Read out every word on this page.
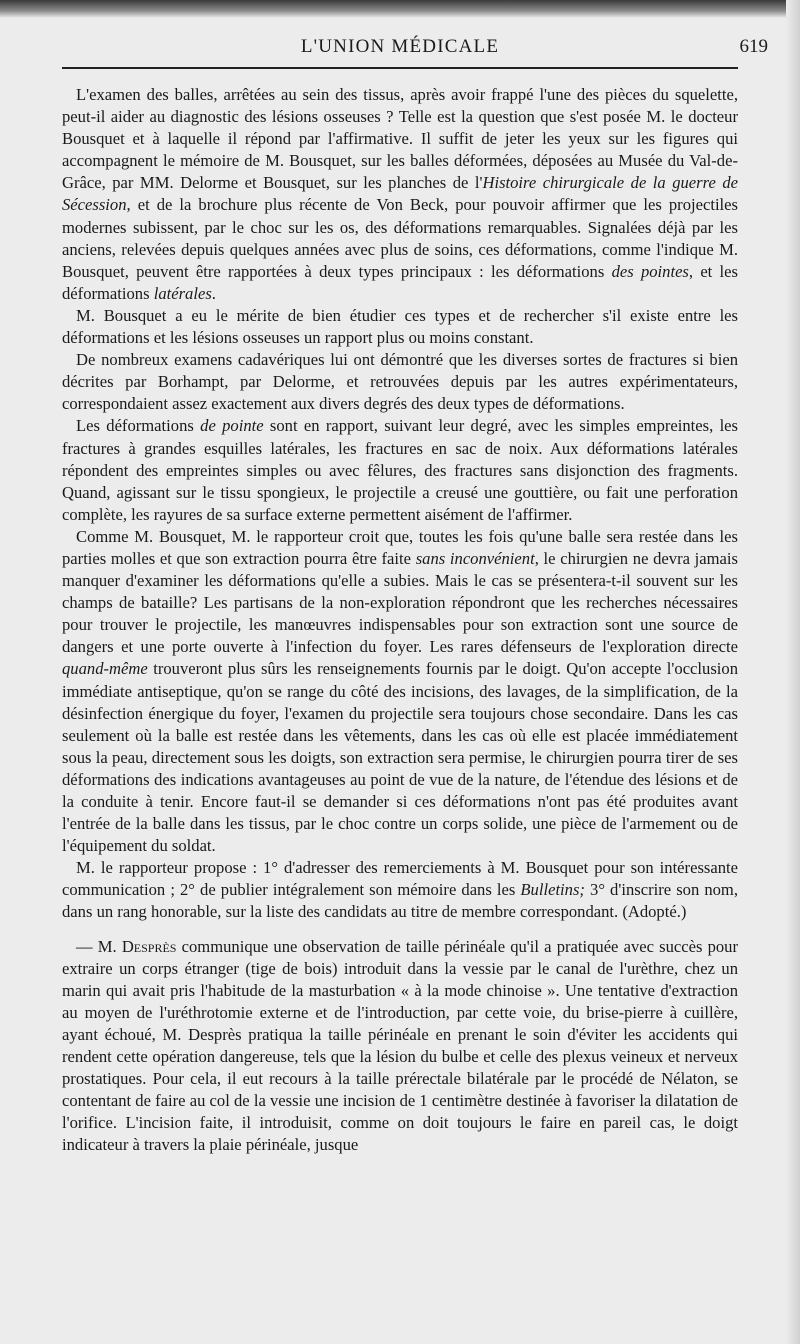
L'UNION MÉDICALE	619

L'examen des balles, arrêtées au sein des tissus, après avoir frappé l'une des pièces du squelette, peut-il aider au diagnostic des lésions osseuses ? Telle est la question que s'est posée M. le docteur Bousquet et à laquelle il répond par l'affirmative. Il suffit de jeter les yeux sur les figures qui accompagnent le mémoire de M. Bousquet, sur les balles déformées, déposées au Musée du Val-de-Grâce, par MM. Delorme et Bousquet, sur les planches de l'Histoire chirurgicale de la guerre de Sécession, et de la brochure plus récente de Von Beck, pour pouvoir affirmer que les projectiles modernes subissent, par le choc sur les os, des déformations remarquables. Signalées déjà par les anciens, relevées depuis quelques années avec plus de soins, ces déformations, comme l'indique M. Bousquet, peuvent être rapportées à deux types principaux : les déformations des pointes, et les déformations latérales.

M. Bousquet a eu le mérite de bien étudier ces types et de rechercher s'il existe entre les déformations et les lésions osseuses un rapport plus ou moins constant.

De nombreux examens cadavériques lui ont démontré que les diverses sortes de fractures si bien décrites par Borhampt, par Delorme, et retrouvées depuis par les autres expérimentateurs, correspondaient assez exactement aux divers degrés des deux types de déformations.

Les déformations de pointe sont en rapport, suivant leur degré, avec les simples empreintes, les fractures à grandes esquilles latérales, les fractures en sac de noix. Aux déformations latérales répondent des empreintes simples ou avec fêlures, des fractures sans disjonction des fragments. Quand, agissant sur le tissu spongieux, le projectile a creusé une gouttière, ou fait une perforation complète, les rayures de sa surface externe permettent aisément de l'affirmer.

Comme M. Bousquet, M. le rapporteur croit que, toutes les fois qu'une balle sera restée dans les parties molles et que son extraction pourra être faite sans inconvénient, le chirurgien ne devra jamais manquer d'examiner les déformations qu'elle a subies. Mais le cas se présentera-t-il souvent sur les champs de bataille? Les partisans de la non-exploration répondront que les recherches nécessaires pour trouver le projectile, les manœuvres indispensables pour son extraction sont une source de dangers et une porte ouverte à l'infection du foyer. Les rares défenseurs de l'exploration directe quand-même trouveront plus sûrs les renseignements fournis par le doigt. Qu'on accepte l'occlusion immédiate antiseptique, qu'on se range du côté des incisions, des lavages, de la simplification, de la désinfection énergique du foyer, l'examen du projectile sera toujours chose secondaire. Dans les cas seulement où la balle est restée dans les vêtements, dans les cas où elle est placée immédiatement sous la peau, directement sous les doigts, son extraction sera permise, le chirurgien pourra tirer de ses déformations des indications avantageuses au point de vue de la nature, de l'étendue des lésions et de la conduite à tenir. Encore faut-il se demander si ces déformations n'ont pas été produites avant l'entrée de la balle dans les tissus, par le choc contre un corps solide, une pièce de l'armement ou de l'équipement du soldat.

M. le rapporteur propose : 1° d'adresser des remerciements à M. Bousquet pour son intéressante communication ; 2° de publier intégralement son mémoire dans les Bulletins; 3° d'inscrire son nom, dans un rang honorable, sur la liste des candidats au titre de membre correspondant. (Adopté.)

— M. Desprès communique une observation de taille périnéale qu'il a pratiquée avec succès pour extraire un corps étranger (tige de bois) introduit dans la vessie par le canal de l'urèthre, chez un marin qui avait pris l'habitude de la masturbation « à la mode chinoise ». Une tentative d'extraction au moyen de l'uréthrotomie externe et de l'introduction, par cette voie, du brise-pierre à cuillère, ayant échoué, M. Desprès pratiqua la taille périnéale en prenant le soin d'éviter les accidents qui rendent cette opération dangereuse, tels que la lésion du bulbe et celle des plexus veineux et nerveux prostatiques. Pour cela, il eut recours à la taille prérectale bilatérale par le procédé de Nélaton, se contentant de faire au col de la vessie une incision de 1 centimètre destinée à favoriser la dilatation de l'orifice. L'incision faite, il introduisit, comme on doit toujours le faire en pareil cas, le doigt indicateur à travers la plaie périnéale, jusque
